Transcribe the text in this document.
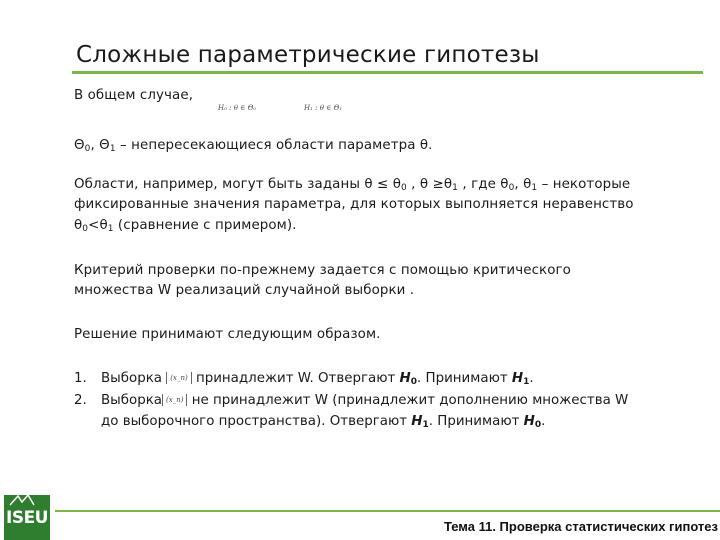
Сложные параметрические гипотезы
В общем случае,
H₀ : θ ∈ Θ₀	H₁ : θ ∈ Θ₁
$\Theta_0$, $\Theta_1$ – непересекающиеся области параметра θ.
Области, например, могут быть заданы $\theta \le \theta_0$ , $\theta \ge\theta_1$ , где $\theta_0$, $\theta_1$ – некоторые
фиксированные значения параметра, для которых выполняется неравенство
$\theta_0<\theta_1$ (сравнение с примером).
Критерий проверки по-прежнему задается с помощью критического
множества W реализаций случайной выборки .
Решение принимают следующим образом.
1. Выборка (x_n) принадлежит W. Отвергают $H_0$. Принимают $H_1$.
2. Выборка (x_n) не принадлежит W (принадлежит дополнению множества W
до выборочного пространства). Отвергают $H_1$. Принимают $H_0$.
ISEU	Тема 11. Проверка статистических гипотез
